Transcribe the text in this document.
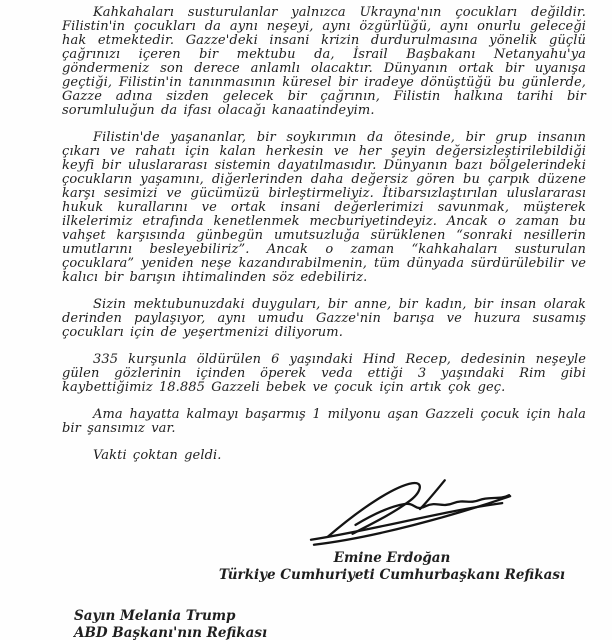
Kahkahaları susturulanlar yalnızca Ukrayna'nın çocukları değildir. Filistin'in çocukları da aynı neşeyi, aynı özgürlüğü, aynı onurlu geleceği hak etmektedir. Gazze'deki insani krizin durdurulmasına yönelik güçlü çağrınızı içeren bir mektubu da, İsrail Başbakanı Netanyahu'ya göndermeniz son derece anlamlı olacaktır. Dünyanın ortak bir uyanışa geçtiği, Filistin'in tanınmasının küresel bir iradeye dönüştüğü bu günlerde, Gazze adına sizden gelecek bir çağrının, Filistin halkına tarihi bir sorumluluğun da ifası olacağı kanaatindeyim.

Filistin'de yaşananlar, bir soykırımın da ötesinde, bir grup insanın çıkarı ve rahatı için kalan herkesin ve her şeyin değersizleştirilebildiği keyfi bir uluslararası sistemin dayatılmasıdır. Dünyanın bazı bölgelerindeki çocukların yaşamını, diğerlerinden daha değersiz gören bu çarpık düzene karşı sesimizi ve gücümüzü birleştirmeliyiz. İtibarsızlaştırılan uluslararası hukuk kurallarını ve ortak insani değerlerimizi savunmak, müşterek ilkelerimiz etrafında kenetlenmek mecburiyetindeyiz. Ancak o zaman bu vahşet karşısında günbegün umutsuzluğa sürüklenen “sonraki nesillerin umutlarını besleyebiliriz”. Ancak o zaman “kahkahaları susturulan çocuklara” yeniden neşe kazandırabilmenin, tüm dünyada sürdürülebilir ve kalıcı bir barışın ihtimalinden söz edebiliriz.

Sizin mektubunuzdaki duyguları, bir anne, bir kadın, bir insan olarak derinden paylaşıyor, aynı umudu Gazze'nin barışa ve huzura susamış çocukları için de yeşertmenizi diliyorum.

335 kurşunla öldürülen 6 yaşındaki Hind Recep, dedesinin neşeyle gülen gözlerinin içinden öperek veda ettiği 3 yaşındaki Rim gibi kaybettiğimiz 18.885 Gazzeli bebek ve çocuk için artık çok geç.

Ama hayatta kalmayı başarmış 1 milyonu aşan Gazzeli çocuk için hala bir şansımız var.

Vakti çoktan geldi.

Emine Erdoğan
Türkiye Cumhuriyeti Cumhurbaşkanı Refikası
Sayın Melania Trump
ABD Başkanı'nın Refikası
